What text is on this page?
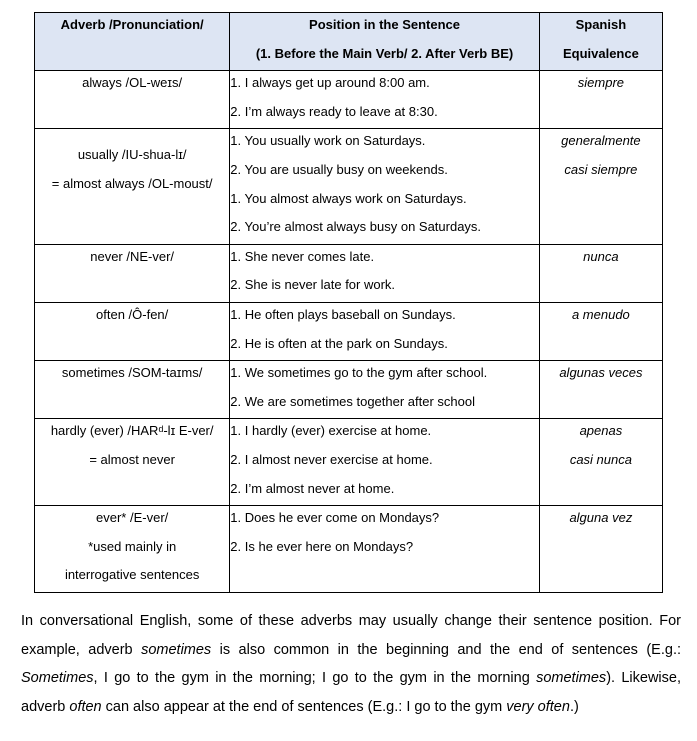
Adverb /Pronunciation/	Position in the Sentence
(1. Before the Main Verb/ 2. After Verb BE)	Spanish
Equivalence

always /OL-weɪs/	1. I always get up around 8:00 am.
2. I’m always ready to leave at 8:30.	siempre

usually /IU-shua-lɪ/
= almost always /OL-moust/	1. You usually work on Saturdays.
2. You are usually busy on weekends.
1. You almost always work on Saturdays.
2. You’re almost always busy on Saturdays.	generalmente
casi siempre

never /NE-ver/	1. She never comes late.
2. She is never late for work.	nunca

often /Ô-fen/	1. He often plays baseball on Sundays.
2. He is often at the park on Sundays.	a menudo

sometimes /SOM-taɪms/	1. We sometimes go to the gym after school.
2. We are sometimes together after school	algunas veces

hardly (ever) /HARᵈ-lɪ E-ver/
= almost never	1. I hardly (ever) exercise at home.
2. I almost never exercise at home.
2. I’m almost never at home.	apenas
casi nunca

ever* /E-ver/
*used mainly in
interrogative sentences	1. Does he ever come on Mondays?
2. Is he ever here on Mondays?	alguna vez
In conversational English, some of these adverbs may usually change their sentence position. For
example, adverb sometimes is also common in the beginning and the end of sentences (E.g.:
Sometimes, I go to the gym in the morning; I go to the gym in the morning sometimes). Likewise,
adverb often can also appear at the end of sentences (E.g.: I go to the gym very often.)
